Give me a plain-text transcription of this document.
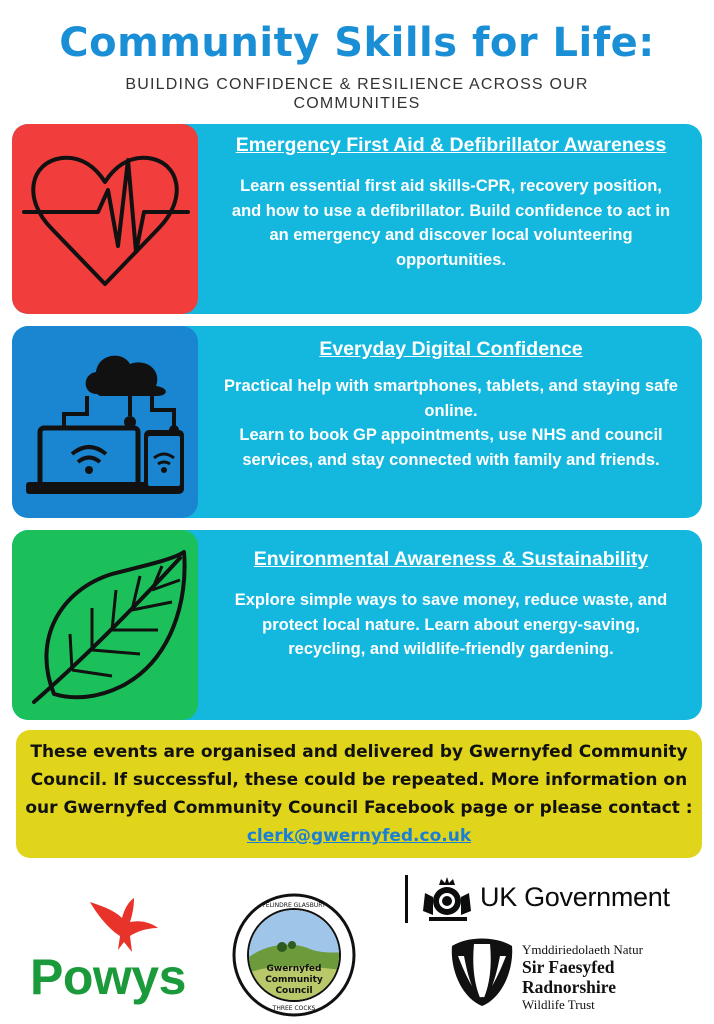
Community Skills for Life:
BUILDING CONFIDENCE & RESILIENCE ACROSS OUR COMMUNITIES
Emergency First Aid & Defibrillator Awareness

Learn essential first aid skills-CPR, recovery position, and how to use a defibrillator. Build confidence to act in an emergency and discover local volunteering opportunities.

Everyday Digital Confidence

Practical help with smartphones, tablets, and staying safe online.

Learn to book GP appointments, use NHS and council services, and stay connected with family and friends.

Environmental Awareness & Sustainability

Explore simple ways to save money, reduce waste, and protect local nature. Learn about energy-saving, recycling, and wildlife-friendly gardening.

These events are organised and delivered by Gwernyfed Community Council. If successful, these could be repeated. More information on our Gwernyfed Community Council Facebook page or please contact : clerk@gwernyfed.co.uk
Powys	Gwernyfed
Community
Council
FELINDRE GLASBURY
THREE COCKS
UK Government
Ymddiriedolaeth Natur
Sir Faesyfed
Radnorshire
Wildlife Trust
